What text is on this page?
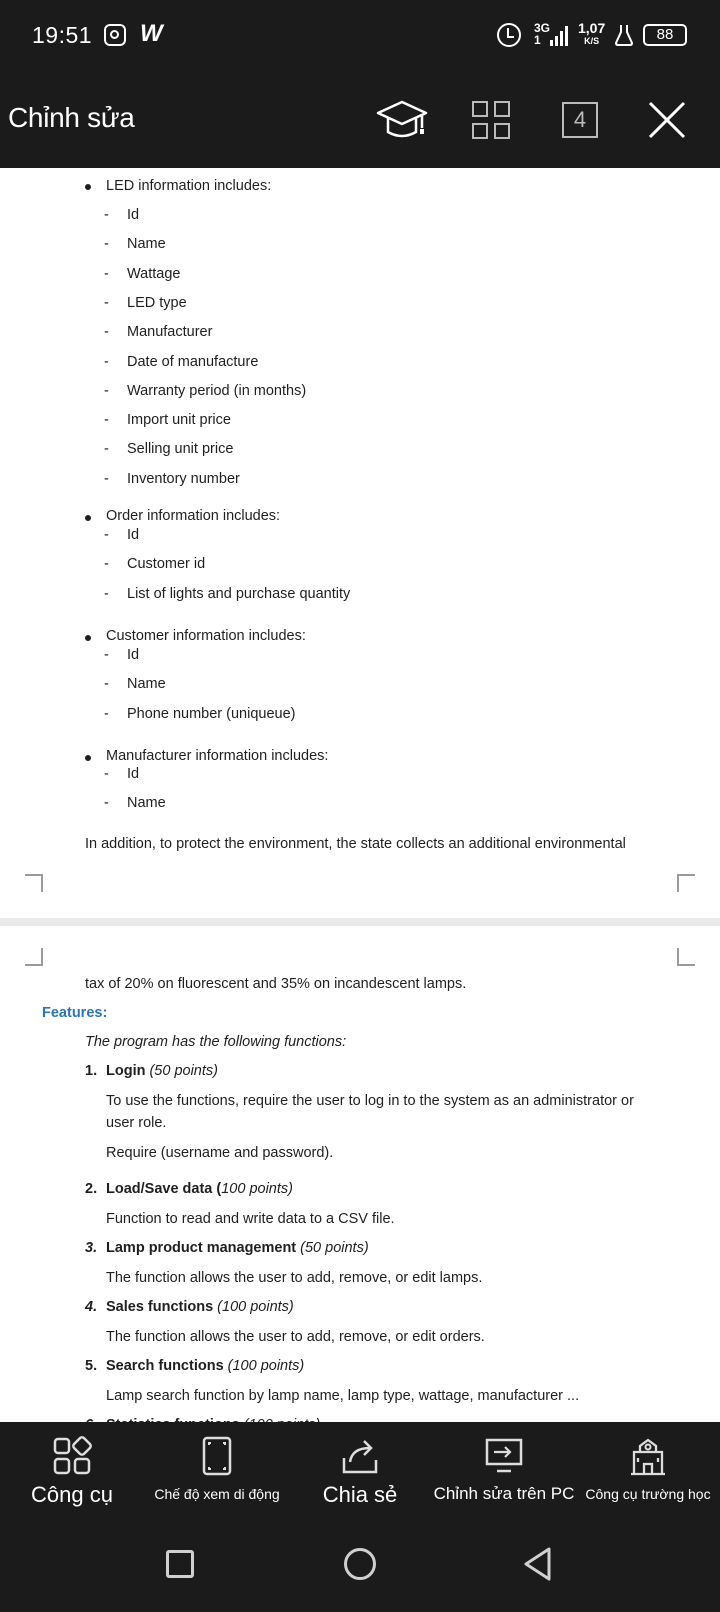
19:51 W	3G
1
1,07
K/S	88
Chỉnh sửa	4
LED information includes:
- Id
- Name
- Wattage
- LED type
- Manufacturer
- Date of manufacture
- Warranty period (in months)
- Import unit price
- Selling unit price
- Inventory number
Order information includes:
- Id
- Customer id
- List of lights and purchase quantity
Customer information includes:
- Id
- Name
- Phone number (uniqueue)
Manufacturer information includes:
- Id
- Name
In addition, to protect the environment, the state collects an additional environmental
tax of 20% on fluorescent and 35% on incandescent lamps.
Features:
The program has the following functions:
1. Login (50 points)
To use the functions, require the user to log in to the system as an administrator or
user role.
Require (username and password).
2. Load/Save data (100 points)
Function to read and write data to a CSV file.
3. Lamp product management (50 points)
The function allows the user to add, remove, or edit lamps.
4. Sales functions (100 points)
The function allows the user to add, remove, or edit orders.
5. Search functions (100 points)
Lamp search function by lamp name, lamp type, wattage, manufacturer ...
Công cụ	Chế độ xem di động Chia sẻ Chỉnh sửa trên PC Công cụ trường học
